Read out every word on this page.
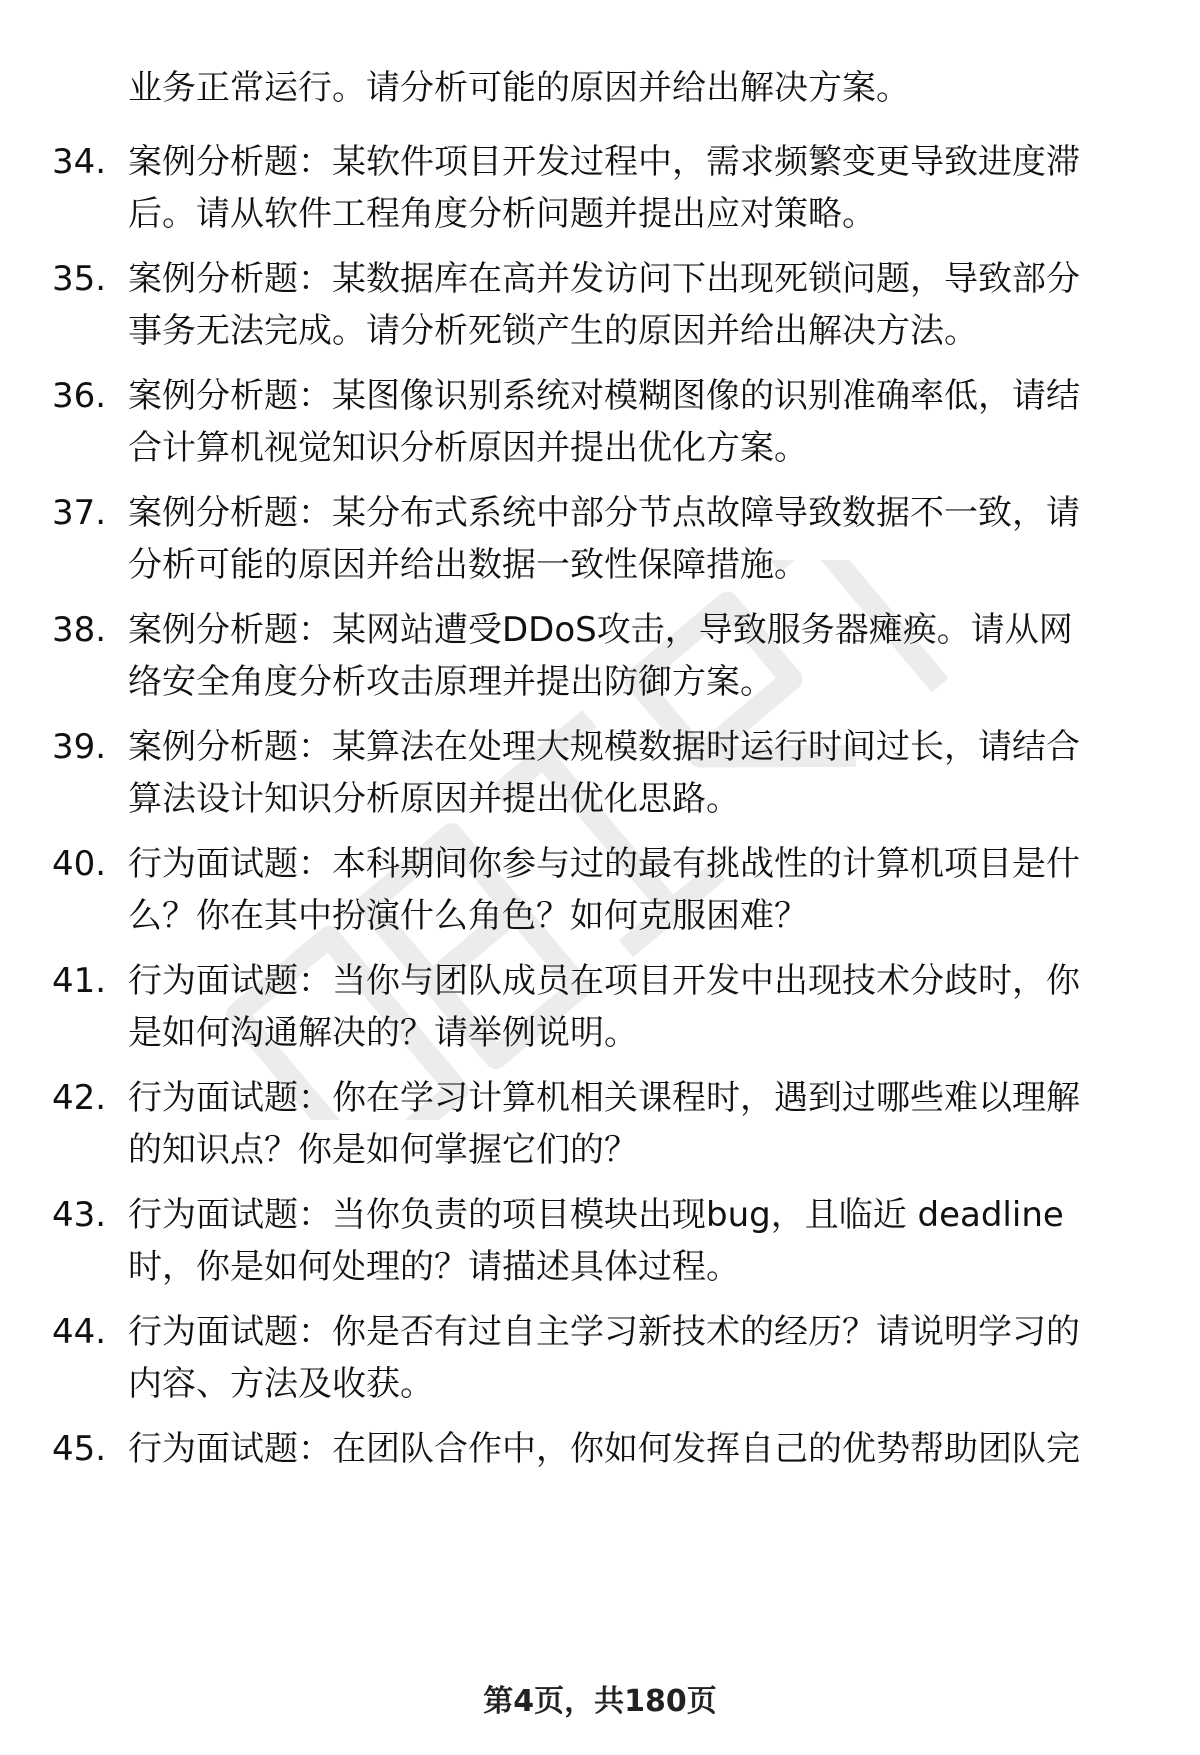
业务正常运行。请分析可能的原因并给出解决方案。
34. 案例分析题：某软件项目开发过程中，需求频繁变更导致进度滞
后。请从软件工程角度分析问题并提出应对策略。
35. 案例分析题：某数据库在高并发访问下出现死锁问题，导致部分
事务无法完成。请分析死锁产生的原因并给出解决方法。
36. 案例分析题：某图像识别系统对模糊图像的识别准确率低，请结
合计算机视觉知识分析原因并提出优化方案。
37. 案例分析题：某分布式系统中部分节点故障导致数据不一致，请
分析可能的原因并给出数据一致性保障措施。
38. 案例分析题：某网站遭受DDoS攻击，导致服务器瘫痪。请从网
络安全角度分析攻击原理并提出防御方案。
39. 案例分析题：某算法在处理大规模数据时运行时间过长，请结合
算法设计知识分析原因并提出优化思路。
40. 行为面试题：本科期间你参与过的最有挑战性的计算机项目是什
么？你在其中扮演什么角色？如何克服困难？
41. 行为面试题：当你与团队成员在项目开发中出现技术分歧时，你
是如何沟通解决的？请举例说明。
42. 行为面试题：你在学习计算机相关课程时，遇到过哪些难以理解
的知识点？你是如何掌握它们的？
43. 行为面试题：当你负责的项目模块出现bug，且临近 deadline
时，你是如何处理的？请描述具体过程。
44. 行为面试题：你是否有过自主学习新技术的经历？请说明学习的
内容、方法及收获。
45. 行为面试题：在团队合作中，你如何发挥自己的优势帮助团队完
第4页，共180页
